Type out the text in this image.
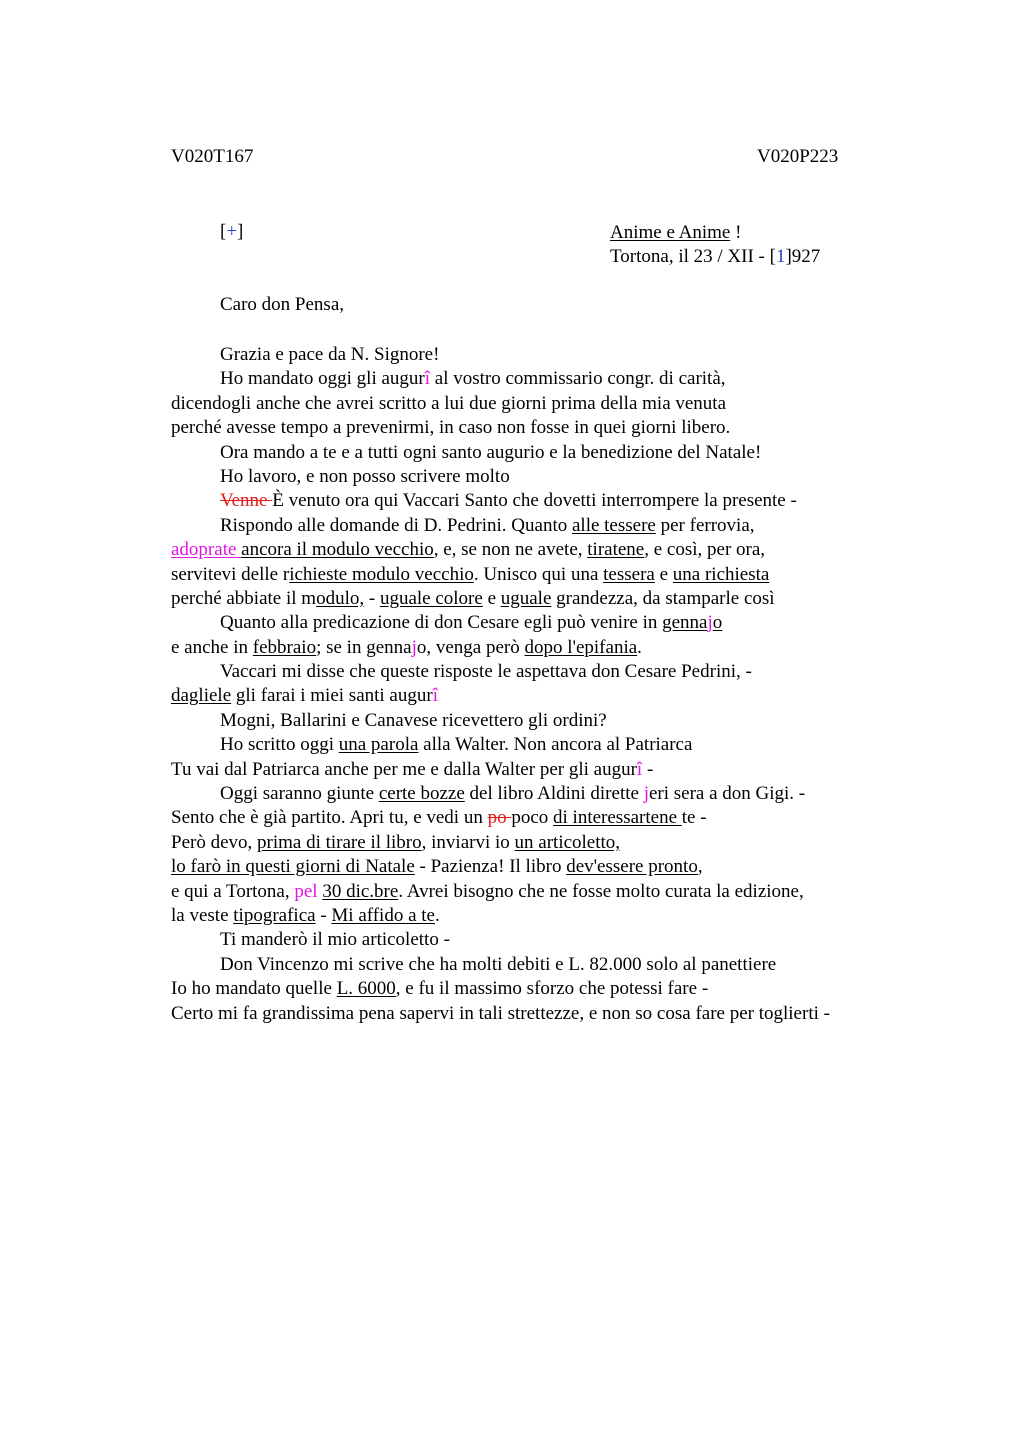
V020T167	V020P223
[+]	Anime e Anime !
Tortona, il 23 / XII - [1]927
Caro don Pensa,
Grazia e pace da N. Signore!
Ho mandato oggi gli augurî al vostro commissario congr. di carità,
dicendogli anche che avrei scritto a lui due giorni prima della mia venuta
perché avesse tempo a prevenirmi, in caso non fosse in quei giorni libero.
Ora mando a te e a tutti ogni santo augurio e la benedizione del Natale!
Ho lavoro, e non posso scrivere molto
Venne È venuto ora qui Vaccari Santo che dovetti interrompere la presente -
Rispondo alle domande di D. Pedrini. Quanto alle tessere per ferrovia,
adoprate ancora il modulo vecchio, e, se non ne avete, tiratene, e così, per ora,
servitevi delle richieste modulo vecchio. Unisco qui una tessera e una richiesta
perché abbiate il modulo, - uguale colore e uguale grandezza, da stamparle così
Quanto alla predicazione di don Cesare egli può venire in gennajo
e anche in febbraio; se in gennajo, venga però dopo l'epifania.
Vaccari mi disse che queste risposte le aspettava don Cesare Pedrini, -
dagliele gli farai i miei santi augurî
Mogni, Ballarini e Canavese ricevettero gli ordini?
Ho scritto oggi una parola alla Walter. Non ancora al Patriarca
Tu vai dal Patriarca anche per me e dalla Walter per gli augurî -
Oggi saranno giunte certe bozze del libro Aldini dirette jeri sera a don Gigi. -
Sento che è già partito. Apri tu, e vedi un po poco di interessartene te -
Però devo, prima di tirare il libro, inviarvi io un articoletto,
lo farò in questi giorni di Natale - Pazienza! Il libro dev'essere pronto,
e qui a Tortona, pel 30 dic.bre. Avrei bisogno che ne fosse molto curata la edizione,
la veste tipografica - Mi affido a te.
Ti manderò il mio articoletto -
Don Vincenzo mi scrive che ha molti debiti e L. 82.000 solo al panettiere
Io ho mandato quelle L. 6000, e fu il massimo sforzo che potessi fare -
Certo mi fa grandissima pena sapervi in tali strettezze, e non so cosa fare per toglierti -
